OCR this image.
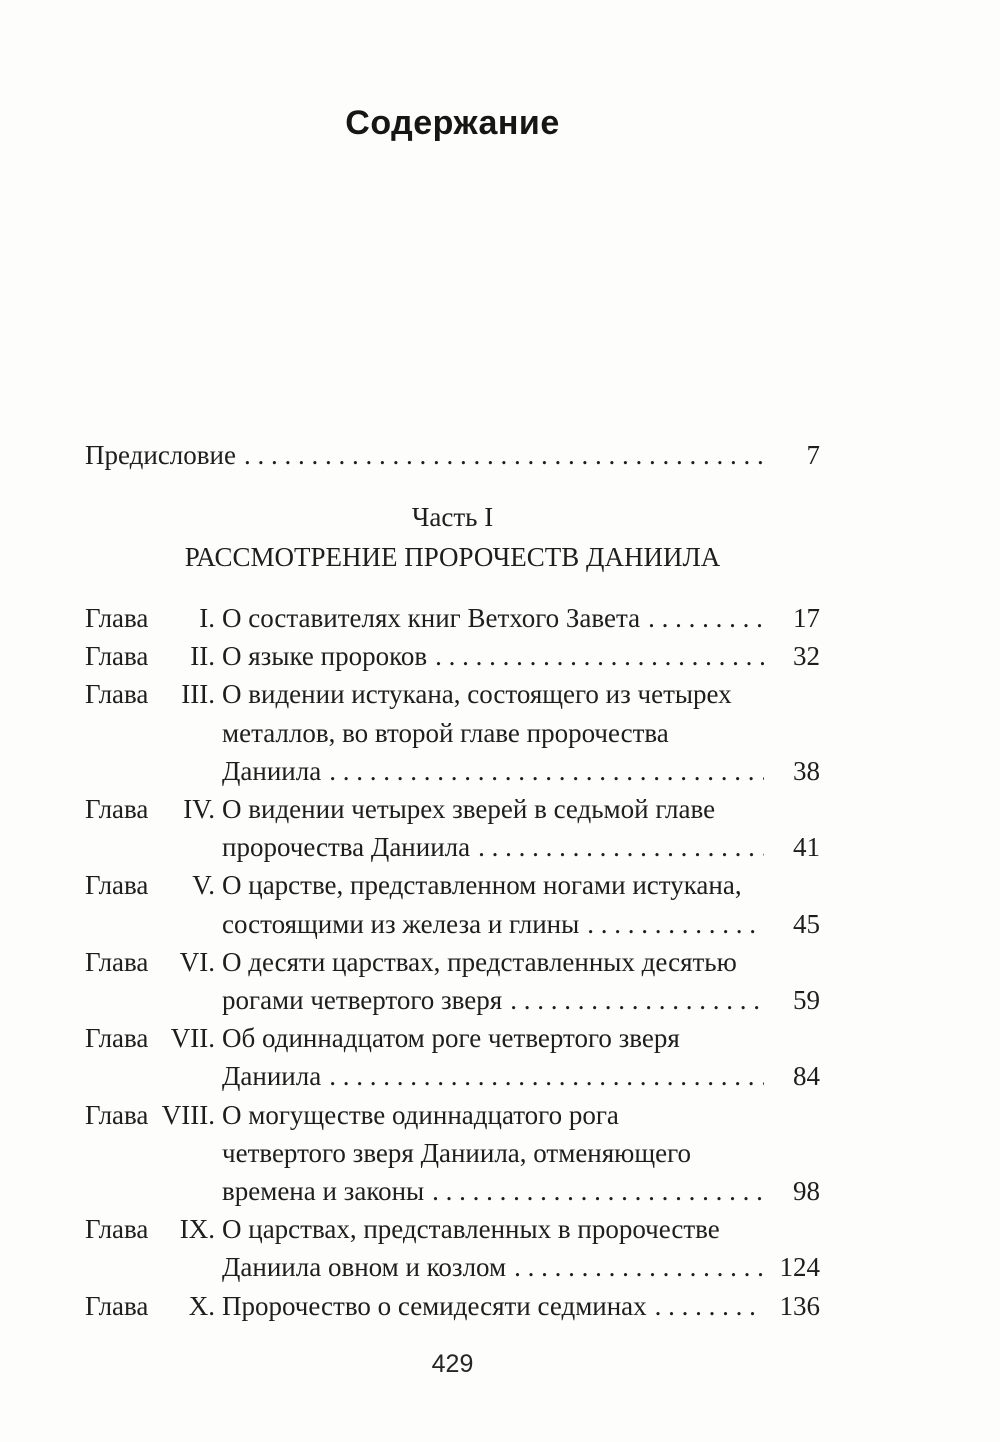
Содержание
Предисловие . . .	7
Часть I
РАССМОТРЕНИЕ ПРОРОЧЕСТВ ДАНИИЛА
Глава	I. О составителях книг Ветхого Завета . . .	17
Глава	II. О языке пророков . . .	32
Глава	III. О видении истукана, состоящего из четырех
металлов, во второй главе пророчества
Даниила . . .	38
Глава	IV. О видении четырех зверей в седьмой главе
пророчества Даниила . . .	41
Глава	V. О царстве, представленном ногами истукана,
состоящими из железа и глины . . .	45
Глава	VI. О десяти царствах, представленных десятью
рогами четвертого зверя . . .	59
Глава VII. Об одиннадцатом роге четвертого зверя
Даниила . . .	84
Глава VIII. О могуществе одиннадцатого рога
четвертого зверя Даниила, отменяющего
времена и законы . . .	98
Глава	IX. О царствах, представленных в пророчестве
Даниила овном и козлом . . .	124
Глава	X. Пророчество о семидесяти седминах . . .	136
429
